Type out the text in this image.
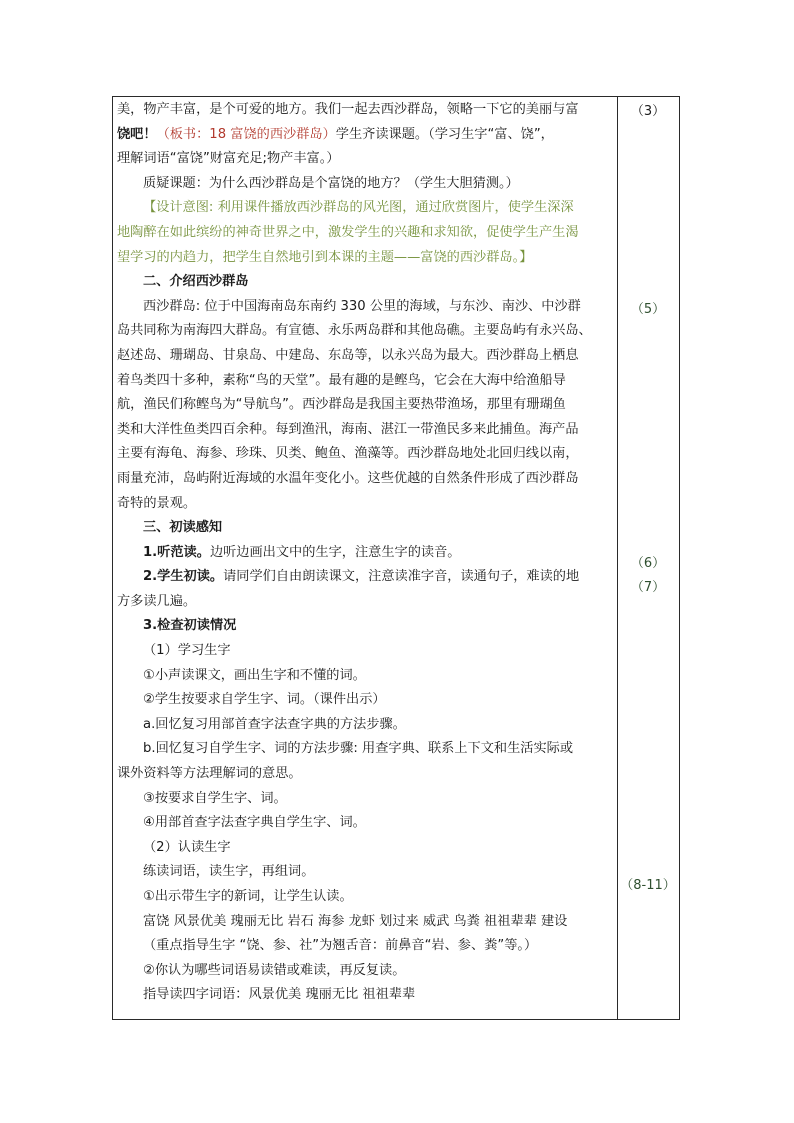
美，物产丰富，是个可爱的地方。我们一起去西沙群岛，领略一下它的美丽与富
饶吧！（板书：18 富饶的西沙群岛）学生齐读课题。（学习生字“富、饶”，
理解词语“富饶”财富充足;物产丰富。）
质疑课题：为什么西沙群岛是个富饶的地方？（学生大胆猜测。）
【设计意图: 利用课件播放西沙群岛的风光图，通过欣赏图片，使学生深深
地陶醉在如此缤纷的神奇世界之中，激发学生的兴趣和求知欲，促使学生产生渴
望学习的内趋力，把学生自然地引到本课的主题——富饶的西沙群岛。】
二、介绍西沙群岛
西沙群岛: 位于中国海南岛东南约 330 公里的海域，与东沙、南沙、中沙群
岛共同称为南海四大群岛。有宣德、永乐两岛群和其他岛礁。主要岛屿有永兴岛、
赵述岛、珊瑚岛、甘泉岛、中建岛、东岛等，以永兴岛为最大。西沙群岛上栖息
着鸟类四十多种，素称“鸟的天堂”。最有趣的是鲣鸟，它会在大海中给渔船导
航，渔民们称鲣鸟为“导航鸟”。西沙群岛是我国主要热带渔场，那里有珊瑚鱼
类和大洋性鱼类四百余种。每到渔汛，海南、湛江一带渔民多来此捕鱼。海产品
主要有海龟、海参、珍珠、贝类、鲍鱼、渔藻等。西沙群岛地处北回归线以南，
雨量充沛，岛屿附近海域的水温年变化小。这些优越的自然条件形成了西沙群岛
奇特的景观。
三、初读感知
1.听范读。边听边画出文中的生字，注意生字的读音。
2.学生初读。请同学们自由朗读课文，注意读准字音，读通句子，难读的地
方多读几遍。
3.检查初读情况
（1）学习生字
①小声读课文，画出生字和不懂的词。
②学生按要求自学生字、词。（课件出示）
a.回忆复习用部首查字法查字典的方法步骤。
b.回忆复习自学生字、词的方法步骤: 用查字典、联系上下文和生活实际或
课外资料等方法理解词的意思。
③按要求自学生字、词。
④用部首查字法查字典自学生字、词。
（2）认读生字
练读词语，读生字，再组词。
①出示带生字的新词，让学生认读。
富饶 风景优美 瑰丽无比 岩石 海参 龙虾 划过来 威武 鸟粪 祖祖辈辈 建设
（重点指导生字 “饶、参、社”为翘舌音：前鼻音“岩、参、粪”等。）
②你认为哪些词语易读错或难读，再反复读。
指导读四字词语：风景优美 瑰丽无比 祖祖辈辈
（3）
（5）
（6）
（7）
（8-11）
